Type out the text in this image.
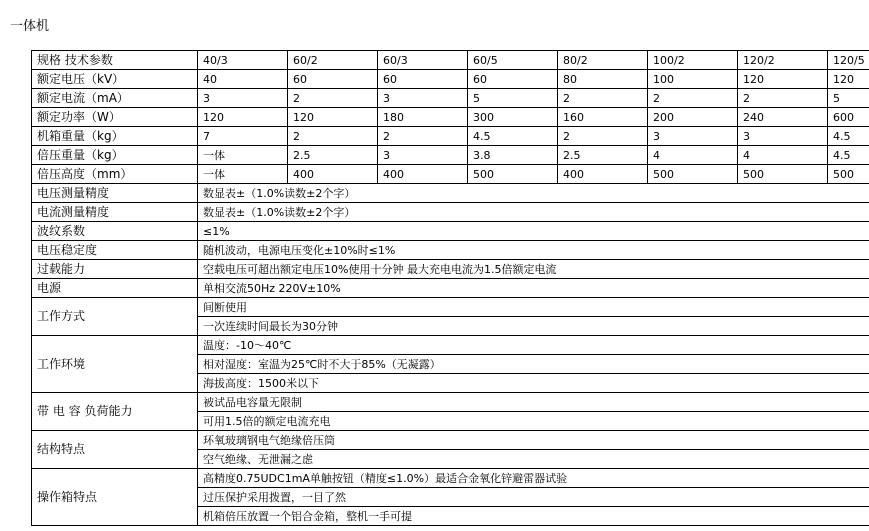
一体机
规格 技术参数	40/3	60/2	60/3	60/5	80/2	100/2	120/2	120/5
额定电压（kV）	40	60	60	60	80	100	120	120
额定电流（mA）	3	2	3	5	2	2	2	5
额定功率（W）	120	120	180	300	160	200	240	600
机箱重量（kg）	7	2	2	4.5	2	3	3	4.5
倍压重量（kg）	一体	2.5	3	3.8	2.5	4	4	4.5
倍压高度（mm）	一体	400	400	500	400	500	500	500
电压测量精度	数显表±（1.0%读数±2个字）							
电流测量精度	数显表±（1.0%读数±2个字）							
波纹系数	≤1%							
电压稳定度	随机波动，电源电压变化±10%时≤1%							
过载能力	空载电压可超出额定电压10%使用十分钟 最大充电电流为1.5倍额定电流							
电源	单相交流50Hz 220V±10%							
工作方式	间断使用							
	一次连续时间最长为30分钟							
工作环境	温度：-10～40℃							
	相对湿度：室温为25℃时不大于85%（无凝露）							
	海拔高度：1500米以下							
带 电 容 负荷能力	被试品电容量无限制							
	可用1.5倍的额定电流充电							
结构特点	环氧玻璃钢电气绝缘倍压筒							
	空气绝缘、无泄漏之虑							
操作箱特点	高精度0.75UDC1mA单触按钮（精度≤1.0%）最适合金氧化锌避雷器试验							
	过压保护采用拨置，一目了然							
	机箱倍压放置一个铝合金箱，整机一手可提							
